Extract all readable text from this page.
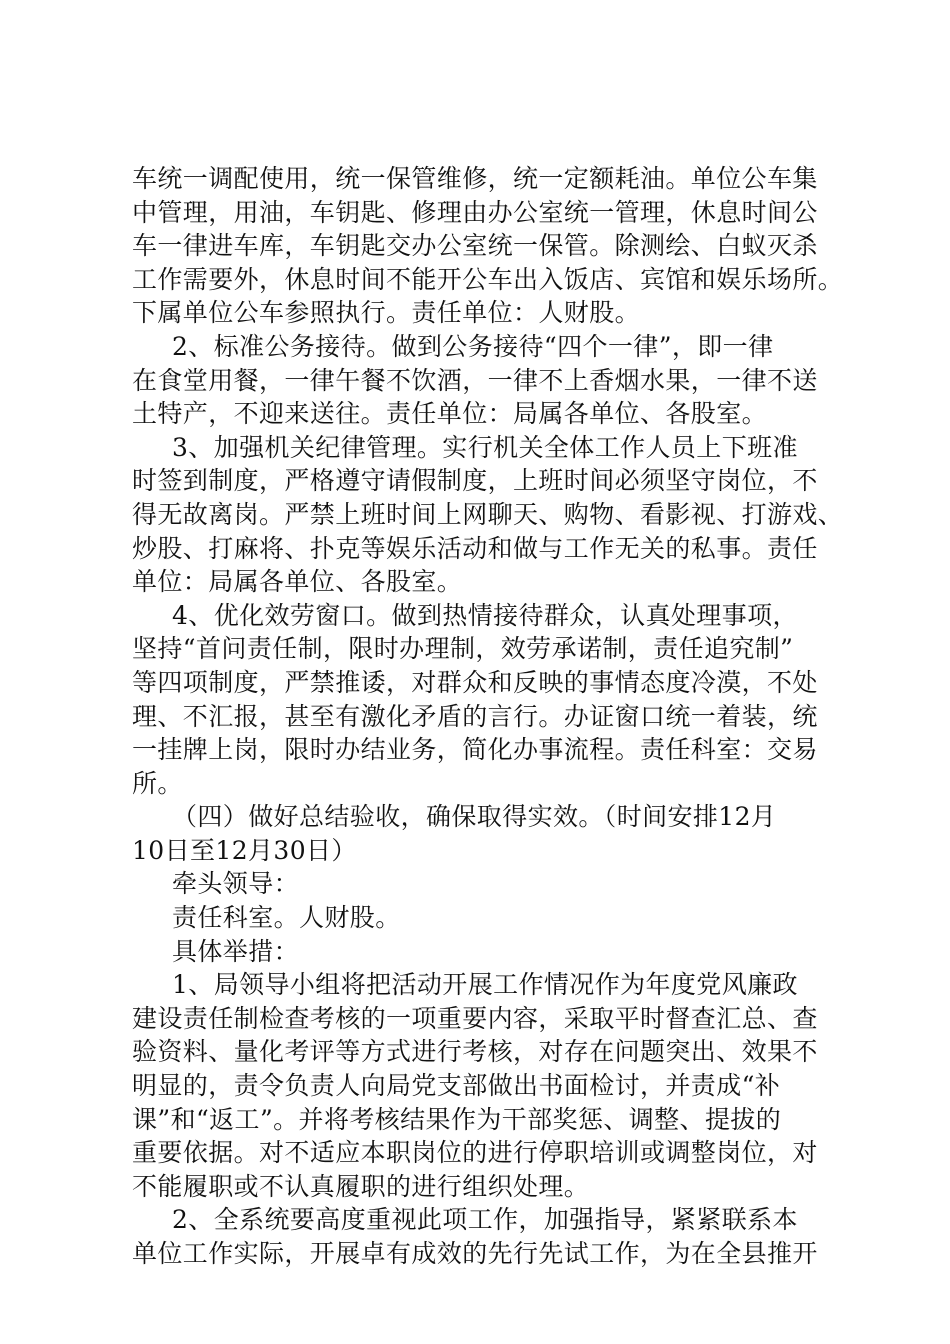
车统一调配使用，统一保管维修，统一定额耗油。单位公车集
中管理，用油，车钥匙、修理由办公室统一管理，休息时间公
车一律进车库，车钥匙交办公室统一保管。除测绘、白蚁灭杀
工作需要外，休息时间不能开公车出入饭店、宾馆和娱乐场所。
下属单位公车参照执行。责任单位：人财股。
2、标准公务接待。做到公务接待“四个一律”，即一律
在食堂用餐，一律午餐不饮酒，一律不上香烟水果，一律不送
土特产，不迎来送往。责任单位：局属各单位、各股室。
3、加强机关纪律管理。实行机关全体工作人员上下班准
时签到制度，严格遵守请假制度，上班时间必须坚守岗位，不
得无故离岗。严禁上班时间上网聊天、购物、看影视、打游戏、
炒股、打麻将、扑克等娱乐活动和做与工作无关的私事。责任
单位：局属各单位、各股室。
4、优化效劳窗口。做到热情接待群众，认真处理事项，
坚持“首问责任制，限时办理制，效劳承诺制，责任追究制”
等四项制度，严禁推诿，对群众和反映的事情态度冷漠，不处
理、不汇报，甚至有激化矛盾的言行。办证窗口统一着装，统
一挂牌上岗，限时办结业务，简化办事流程。责任科室：交易
所。
（四）做好总结验收，确保取得实效。（时间安排12月
10日至12月30日）
牵头领导：
责任科室。人财股。
具体举措：
1、局领导小组将把活动开展工作情况作为年度党风廉政
建设责任制检查考核的一项重要内容，采取平时督查汇总、查
验资料、量化考评等方式进行考核，对存在问题突出、效果不
明显的，责令负责人向局党支部做出书面检讨，并责成“补
课”和“返工”。并将考核结果作为干部奖惩、调整、提拔的
重要依据。对不适应本职岗位的进行停职培训或调整岗位，对
不能履职或不认真履职的进行组织处理。
2、全系统要高度重视此项工作，加强指导，紧紧联系本
单位工作实际，开展卓有成效的先行先试工作，为在全县推开
